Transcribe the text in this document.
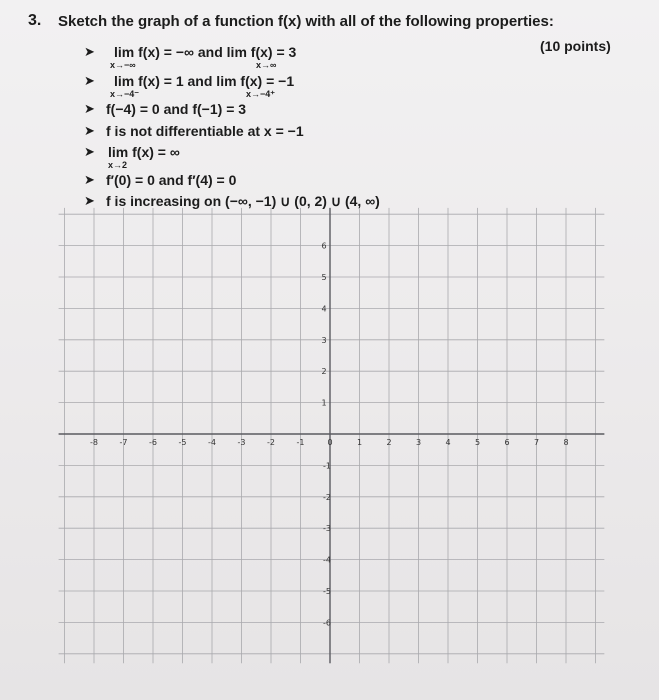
3. Sketch the graph of a function f(x) with all of the following properties:
(10 points)
➤
➤
➤
➤
➤
➤
➤
lim f(x) = −∞ and lim f(x) = 3
x→−∞	x→∞
lim f(x) = 1 and lim f(x) = −1
x→−4⁻	x→−4⁺
f(−4) = 0 and f(−1) = 3
f is not differentiable at x = −1
lim f(x) = ∞
x→2
f′(0) = 0 and f′(4) = 0
f is increasing on (−∞, −1) ∪ (0, 2) ∪ (4, ∞)
-8	-7	-6	-5	-4	-3	-2	-1	0	1	2	3	4	5	6	7	8
6
5
4
3
2
1
-1
-2
-3
-4
-5
-6
